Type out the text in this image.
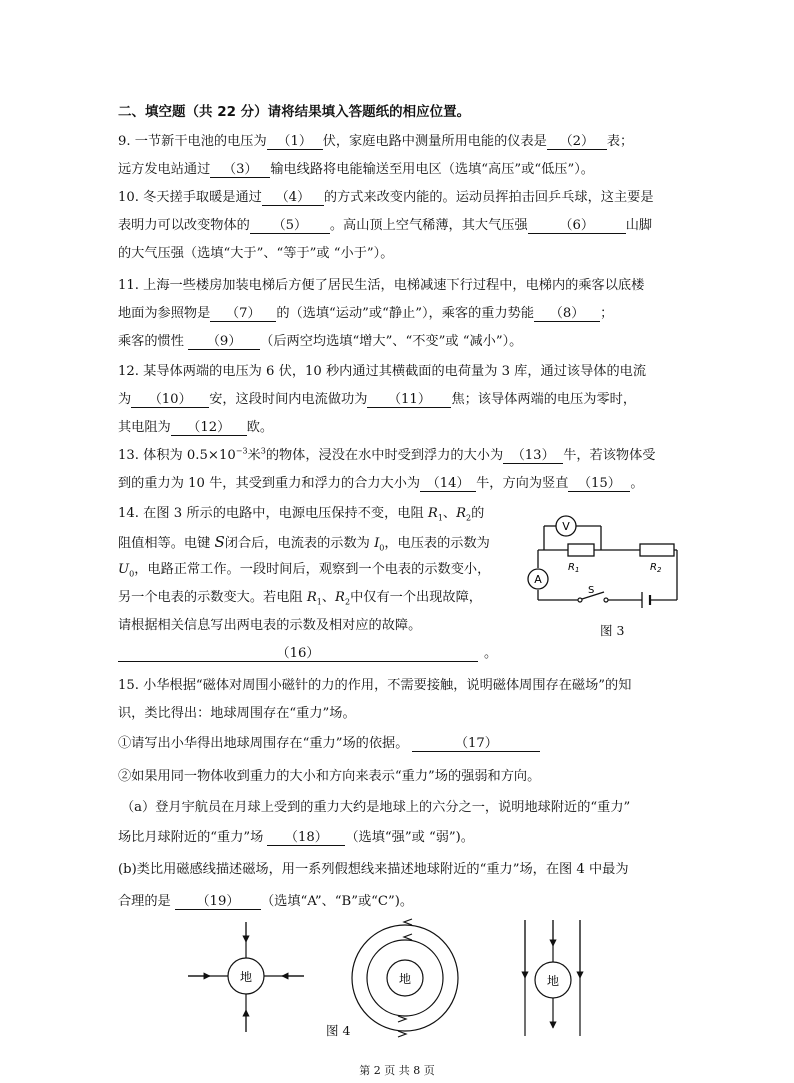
二、填空题（共 22 分）请将结果填入答题纸的相应位置。
9. 一节新干电池的电压为 （1） 伏，家庭电路中测量所用电能的仪表是 （2） 表；
远方发电站通过 （3） 输电线路将电能输送至用电区（选填“高压”或“低压”）。
10. 冬天搓手取暖是通过 （4） 的方式来改变内能的。运动员挥拍击回乒乓球，这主要是
表明力可以改变物体的 （5） 。高山顶上空气稀薄，其大气压强 （6） 山脚
的大气压强（选填“大于”、“等于”或 “小于”）。
11. 上海一些楼房加装电梯后方便了居民生活，电梯减速下行过程中，电梯内的乘客以底楼
地面为参照物是 （7） 的（选填“运动”或“静止”），乘客的重力势能 （8） ；
乘客的惯性 （9） （后两空均选填“增大”、“不变”或 “减小”）。
12. 某导体两端的电压为 6 伏，10 秒内通过其横截面的电荷量为 3 库，通过该导体的电流
为 （10） 安，这段时间内电流做功为 （11） 焦；该导体两端的电压为零时，
其电阻为 （12） 欧。
13. 体积为 $0.5\times 10^{-3}$米$^3$的物体，浸没在水中时受到浮力的大小为 （13） 牛，若该物体受
到的重力为 10 牛，其受到重力和浮力的合力大小为 （14） 牛，方向为竖直 （15） 。
14. 在图 3 所示的电路中，电源电压保持不变，电阻 $R_1$、$R_2$的
阻值相等。电键 S闭合后，电流表的示数为 $I_0$，电压表的示数为
$U_0$，电路正常工作。一段时间后，观察到一个电表的示数变小，
另一个电表的示数变大。若电阻 $R_1$、$R_2$中仅有一个出现故障，
请根据相关信息写出两电表的示数及相对应的故障。
（16）	。
V
A
S
$R_1$	$R_2$
图 3
15. 小华根据“磁体对周围小磁针的力的作用，不需要接触，说明磁体周围存在磁场”的知
识，类比得出：地球周围存在“重力”场。
①请写出小华得出地球周围存在“重力”场的依据。	（17）
②如果用同一物体收到重力的大小和方向来表示“重力”场的强弱和方向。
（a）登月宇航员在月球上受到的重力大约是地球上的六分之一，说明地球附近的“重力”
场比月球附近的“重力”场 （18） （选填“强”或 “弱”)。
(b)类比用磁感线描述磁场，用一系列假想线来描述地球附近的“重力”场，在图 4 中最为
合理的是 （19） （选填“A”、“B”或“C”)。
地	地	地
图 4
第 2 页 共 8 页
